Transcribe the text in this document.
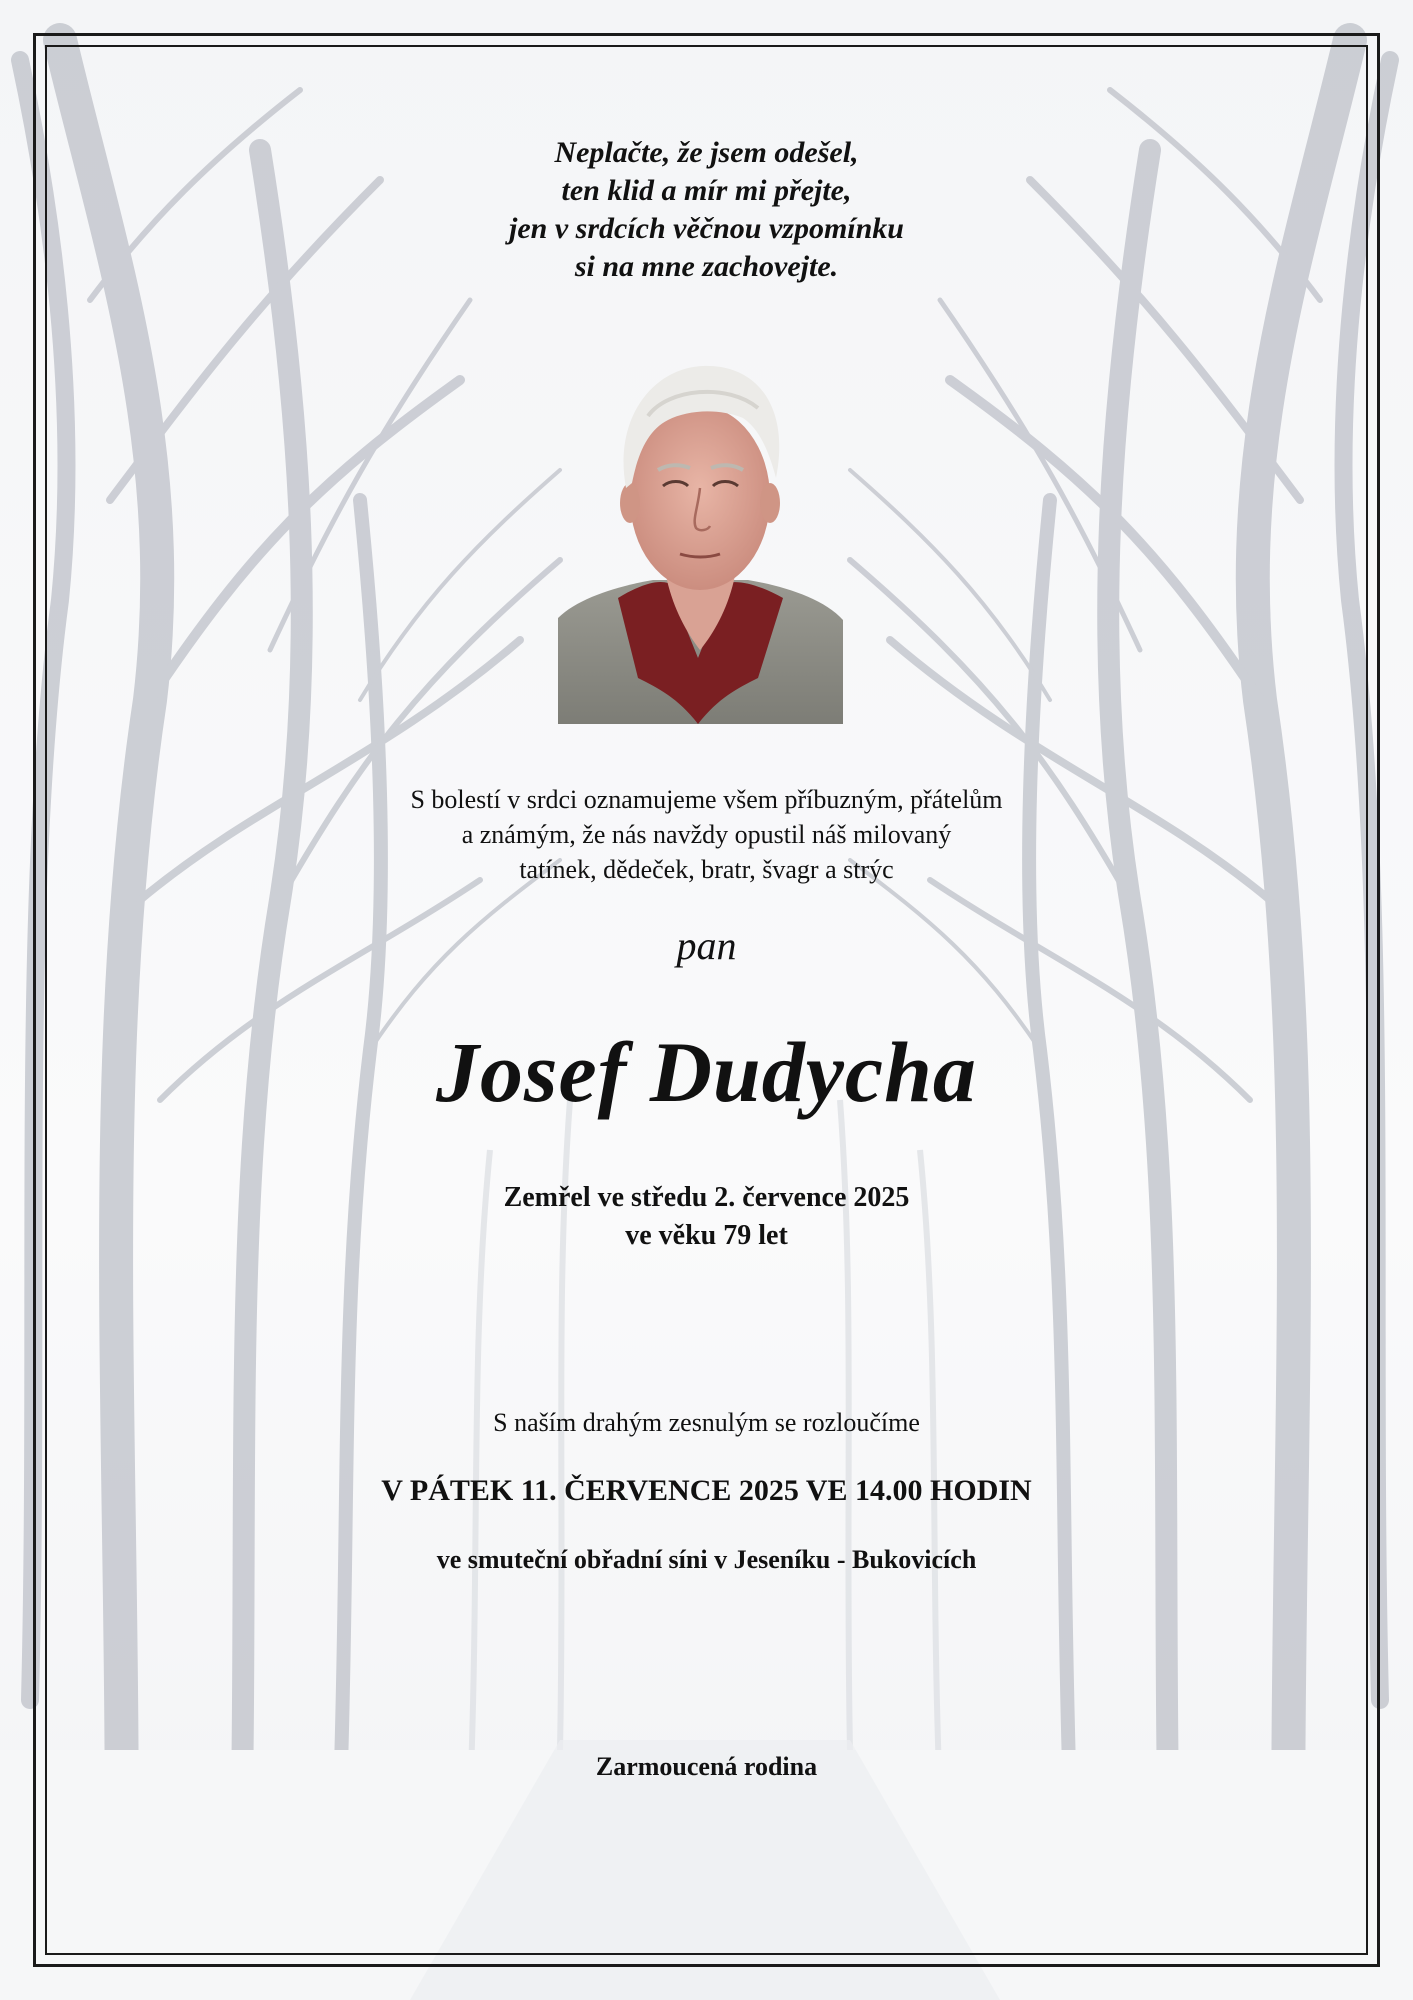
Neplačte, že jsem odešel,
ten klid a mír mi přejte,
jen v srdcích věčnou vzpomínku
si na mne zachovejte.
S bolestí v srdci oznamujeme všem příbuzným, přátelům
a známým, že nás navždy opustil náš milovaný
tatínek, dědeček, bratr, švagr a strýc
pan
Josef Dudycha
Zemřel ve středu 2. července 2025
ve věku 79 let
S naším drahým zesnulým se rozloučíme
V PÁTEK 11. ČERVENCE 2025 VE 14.00 HODIN
ve smuteční obřadní síni v Jeseníku - Bukovicích
Zarmoucená rodina
